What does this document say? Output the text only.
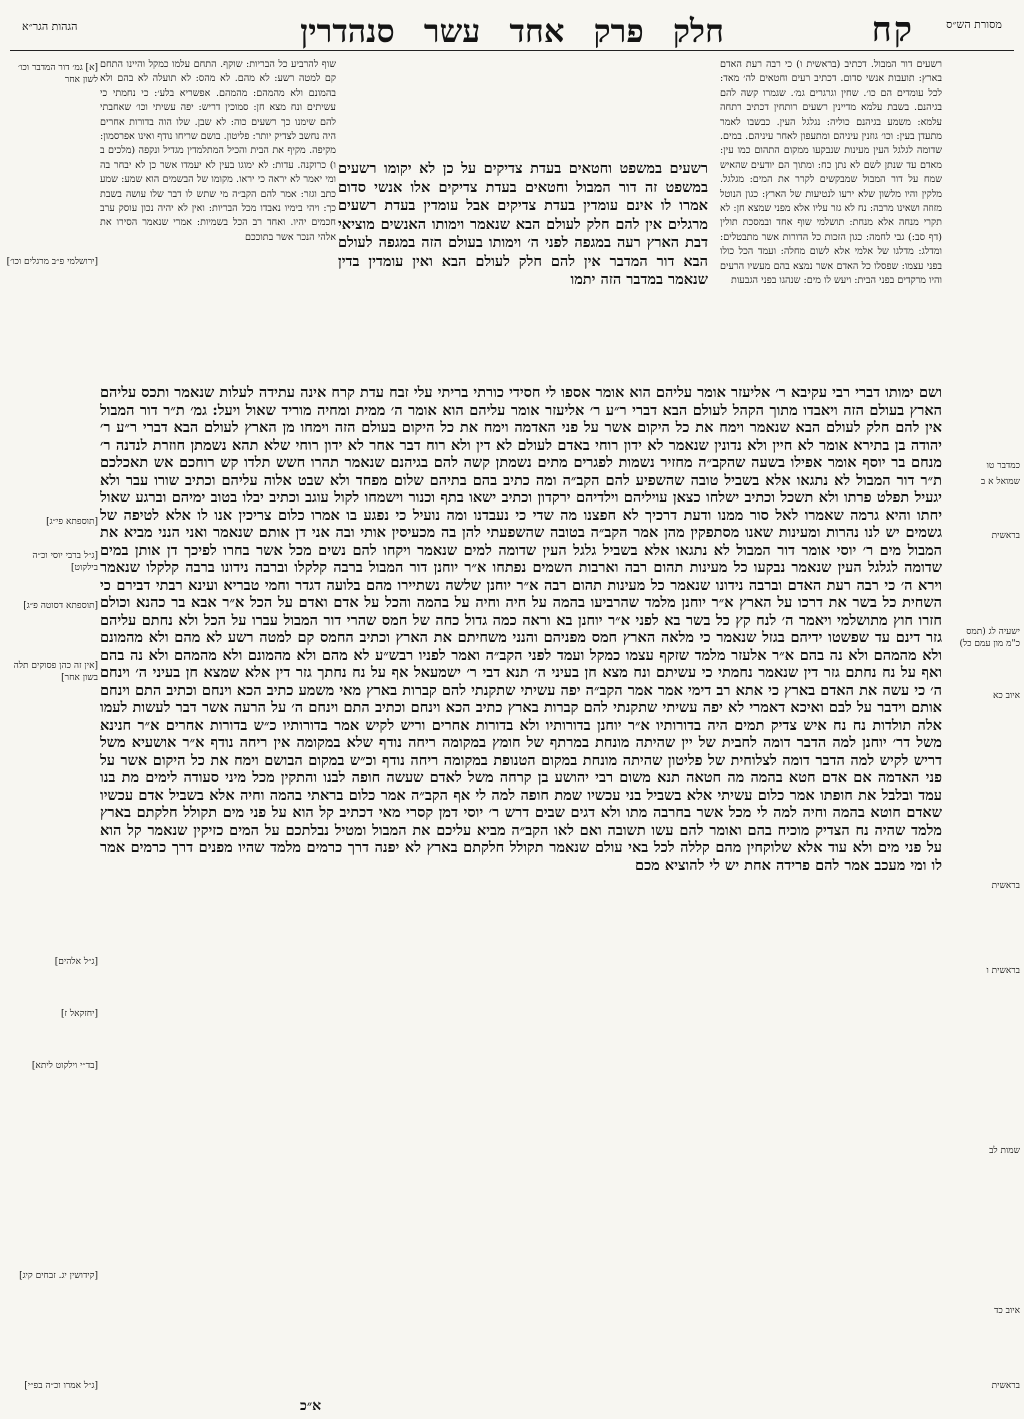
מסורת הש״ס
קח
חלק פרק אחד עשר סנהדרין
הגהות הגר״א
רשעים דור המבול. דכתיב (בראשית ו) כי רבה רעת האדם בארץ: תועבות אנשי סדום. דכתיב רעים וחטאים לה׳ מאד: לכל עומדים הם כו׳. שחין וגרגרים גמ׳. שגמרו קשה להם בגיהנם. בשבת עלמא מדיינין רשעים רותחין דכתיב רתחה עלמא: משמע בגיהנם כוליה: נגלגל העין. כבשבו לאמר מתעדן בעין: וכו׳ גוזנין עיניהם ומתעפון לאחר עיניהם. במים. שדומה לגלגל העין מעינות שנבקעו ממקום התהום כמו עין: מאדם עד שנתן לשם לא נתן כח: ומתוך הם יודעים שהאיש שמח על דור המבול שמבקשים לקרר את המים: מגלגל. מלקין והיו מלשון שלא ירעו לנטיעות של הארץ: כגון הנוטל מזוזה ושאינו מרבה: נח לא גזר עליו אלא מפני שמצא חן: לא תקרי מנחה אלא מנחת: תושלמי שוף אחד ובמסכת תולין (דף סב:) גבי לחמה: כגון הזכות כל הדורות אשר מתבטלים: ומדלג: מדלגו של אלמי אלא לשום מחלה: ועמד הכל כולו בפני עצמו: שפסלו כל האדם אשר נמצא בהם מעשיו הרעים והיו מרקדים בפני הבית: ויעש לו מים: שנהגו בפני הגבעות
שוף להרביע כל הבריות: שוקף. התחם עלמו כמקל והיינו התחם קם למטה רשע: לא מהם. לא מהס: לא תועלה לא בהם ולא בהמונם ולא מהמהם: מהמהם. אפשריא בלע׳: כי נחמתי כי עשיתים ונח מצא חן: סמוכין דריש: יפה עשיתי וכו׳ שאחבתי להם שימנו כך רשעים כוה: לא שבן. שלו הוה בדורות אחרים היה נחשב לצדיק יותר: פליטון. בושם שריחו נודף ואינו אפרסמון: מקיפה. מקיף את הבית והכיל המתלמדין מגדיל ונקפה (מלכים ב ו) כרוקנה. עדות: לא ימוגו בעין לא יעמדו אשר כן לא יבחר בה ומי יאמר לא יראה כי יראו. מקומו של הבשמים הוא שמע: שמע כתב וגזר: אמר להם הקב״ה מי שתש לו דבר שלו עושה בשבת כך: ויהי בימיו נאבדו מכל הבריות: ואין לא יהיה נכון עוסק ערב חכמים יהיו. ואחד רב הכל בשמיות: אמרי שנאמר הסירו את אלהי הנכר אשר בתוככם
רשעים במשפט וחטאים בעדת צדיקים על כן לא יקומו רשעים במשפט זה דור המבול וחטאים בעדת צדיקים אלו אנשי סדום אמרו לו אינם עומדין בעדת צדיקים אבל עומדין בעדת רשעים מרגלים אין להם חלק לעולם הבא שנאמר וימותו האנשים מוציאי דבת הארץ רעה במגפה לפני ה׳ וימותו בעולם הזה במגפה לעולם הבא דור המדבר אין להם חלק לעולם הבא ואין עומדין בדין שנאמר במדבר הזה יתמו
ושם ימותו דברי רבי עקיבא ר׳ אליעזר אומר עליהם הוא אומר אספו לי חסידי כורתי בריתי עלי זבח עדת קרח אינה עתידה לעלות שנאמר ותכס עליהם הארץ בעולם הזה ויאבדו מתוך הקהל לעולם הבא דברי ר״ע ר׳ אליעזר אומר עליהם הוא אומר ה׳ ממית ומחיה מוריד שאול ויעל: גמ׳ ת״ר דור המבול אין להם חלק לעולם הבא שנאמר וימח את כל היקום אשר על פני האדמה וימח את כל היקום בעולם הזה וימחו מן הארץ לעולם הבא דברי ר״ע ר׳ יהודה בן בתירא אומר לא חיין ולא נדונין שנאמר לא ידון רוחי באדם לעולם לא דין ולא רוח דבר אחר לא ידון רוחי שלא תהא נשמתן חוזרת לנדנה ר׳ מנחם בר יוסף אומר אפילו בשעה שהקב״ה מחזיר נשמות לפגרים מתים נשמתן קשה להם בגיהנם שנאמר תהרו חשש תלדו קש רוחכם אש תאכלכם ת״ר דור המבול לא נתגאו אלא בשביל טובה שהשפיע להם הקב״ה ומה כתיב בהם בתיהם שלום מפחד ולא שבט אלוה עליהם וכתיב שורו עבר ולא יגעיל תפלט פרתו ולא תשכל וכתיב ישלחו כצאן עויליהם וילדיהם ירקדון וכתיב ישאו בתף וכנור וישמחו לקול עוגב וכתיב יבלו בטוב ימיהם וברגע שאול יחתו והיא גרמה שאמרו לאל סור ממנו ודעת דרכיך לא חפצנו מה שדי כי נעבדנו ומה נועיל כי נפגע בו אמרו כלום צריכין אנו לו אלא לטיפה של גשמים יש לנו נהרות ומעינות שאנו מסתפקין מהן אמר הקב״ה בטובה שהשפעתי להן בה מכעיסין אותי ובה אני דן אותם שנאמר ואני הנני מביא את המבול מים ר׳ יוסי אומר דור המבול לא נתגאו אלא בשביל גלגל העין שדומה למים שנאמר ויקחו להם נשים מכל אשר בחרו לפיכך דן אותן במים שדומה לגלגל העין שנאמר נבקעו כל מעינות תהום רבה וארבות השמים נפתחו א״ר יוחנן דור המבול ברבה קלקלו וברבה נידונו ברבה קלקלו שנאמר וירא ה׳ כי רבה רעת האדם וברבה נידונו שנאמר כל מעינות תהום רבה א״ר יוחנן שלשה נשתיירו מהם בלועה דגדר וחמי טבריא ועינא רבתי דבירם כי השחית כל בשר את דרכו על הארץ א״ר יוחנן מלמד שהרביעו בהמה על חיה וחיה על בהמה והכל על אדם ואדם על הכל א״ר אבא בר כהנא וכולם חזרו חוץ מתושלמי ויאמר ה׳ לנח קץ כל בשר בא לפני א״ר יוחנן בא וראה כמה גדול כחה של חמס שהרי דור המבול עברו על הכל ולא נחתם עליהם גזר דינם עד שפשטו ידיהם בגזל שנאמר כי מלאה הארץ חמס מפניהם והנני משחיתם את הארץ וכתיב החמס קם למטה רשע לא מהם ולא מהמונם ולא מהמהם ולא נה בהם א״ר אלעזר מלמד שזקף עצמו כמקל ועמד לפני הקב״ה ואמר לפניו רבש״ע לא מהם ולא מהמונם ולא מהמהם ולא נה בהם ואף על נח נחתם גזר דין שנאמר נחמתי כי עשיתם ונח מצא חן בעיני ה׳ תנא דבי ר׳ ישמעאל אף על נח נחתך גזר דין אלא שמצא חן בעיני ה׳ וינחם ה׳ כי עשה את האדם בארץ כי אתא רב דימי אמר אמר הקב״ה יפה עשיתי שתקנתי להם קברות בארץ מאי משמע כתיב הכא וינחם וכתיב התם וינחם אותם וידבר על לבם ואיכא דאמרי לא יפה עשיתי שתקנתי להם קברות בארץ כתיב הכא וינחם וכתיב התם וינחם ה׳ על הרעה אשר דבר לעשות לעמו אלה תולדות נח נח איש צדיק תמים היה בדורותיו א״ר יוחנן בדורותיו ולא בדורות אחרים וריש לקיש אמר בדורותיו כ״ש בדורות אחרים א״ר חנינא משל דר׳ יוחנן למה הדבר דומה לחבית של יין שהיתה מונחת במרתף של חומץ במקומה ריחה נודף שלא במקומה אין ריחה נודף א״ר אושעיא משל דריש לקיש למה הדבר דומה לצלוחית של פליטון שהיתה מונחת במקום הטנופת במקומה ריחה נודף וכ״ש במקום הבושם וימח את כל היקום אשר על פני האדמה אם אדם חטא בהמה מה חטאה תנא משום רבי יהושע בן קרחה משל לאדם שעשה חופה לבנו והתקין מכל מיני סעודה לימים מת בנו עמד ובלבל את חופתו אמר כלום עשיתי אלא בשביל בני עכשיו שמת חופה למה לי אף הקב״ה אמר כלום בראתי בהמה וחיה אלא בשביל אדם עכשיו שאדם חוטא בהמה וחיה למה לי מכל אשר בחרבה מתו ולא דגים שבים דרש ר׳ יוסי דמן קסרי מאי דכתיב קל הוא על פני מים תקולל חלקתם בארץ מלמד שהיה נח הצדיק מוכיח בהם ואומר להם עשו תשובה ואם לאו הקב״ה מביא עליכם את המבול ומטיל נבלתכם על המים כזיקין שנאמר קל הוא על פני מים ולא עוד אלא שלוקחין מהם קללה לכל באי עולם שנאמר תקולל חלקתם בארץ לא יפנה דרך כרמים מלמד שהיו מפנים דרך כרמים אמר לו ומי מעכב אמר להם פרידה אחת יש לי להוציא מכם
א״כ
כמדבר טו
שמואל א ב
בראשית
ישעיה לג (תמס כ"מ מון עמם כל)
איוב כא
בראשית
בראשית ו
שמות לב
איוב כד
בראשית
[א] גמ׳ דור המדבר וכו׳ לשון אחר
[ירושלמי פ״ב מרגלים וכו׳]
[תוספתא פי״ג]
[ג״ל ברבי יוסי וכ״ה בילקוט]
[תוספתא דסוטה פ״ג]
[אין זה כהן פסוקים תלה בשון אחר]
[ג״ל אלהים]
[יחזקאל ז]
[בד״י וילקוט ליתא]
[קידושין יג. זבחים קיג]
[ג״ל אמרו וכ״ה בפ״י]
